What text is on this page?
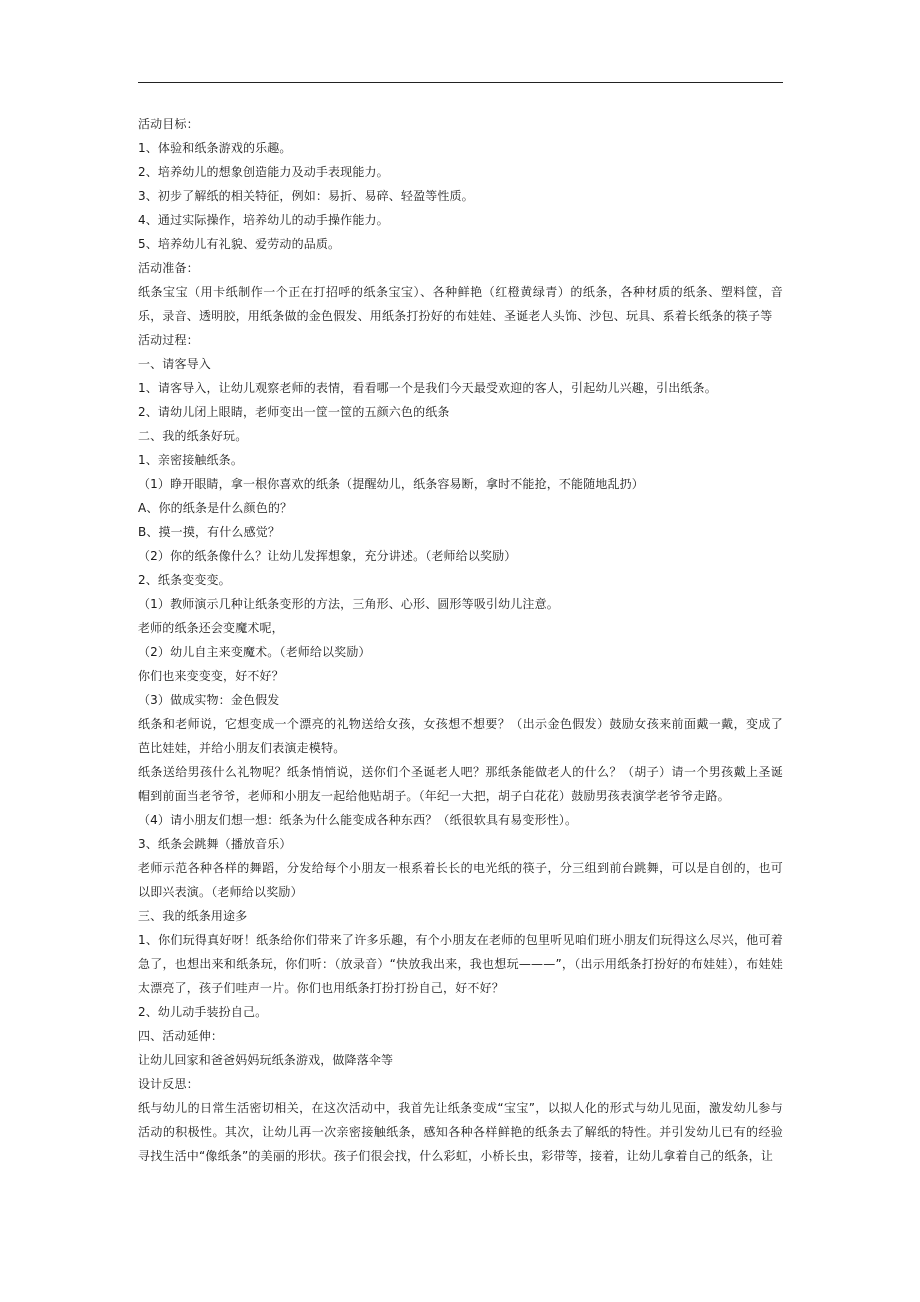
活动目标：
1、体验和纸条游戏的乐趣。
2、培养幼儿的想象创造能力及动手表现能力。
3、初步了解纸的相关特征，例如：易折、易碎、轻盈等性质。
4、通过实际操作，培养幼儿的动手操作能力。
5、培养幼儿有礼貌、爱劳动的品质。
活动准备：
纸条宝宝（用卡纸制作一个正在打招呼的纸条宝宝）、各种鲜艳（红橙黄绿青）的纸条，各种材质的纸条、塑料筐，音乐，录音、透明胶，用纸条做的金色假发、用纸条打扮好的布娃娃、圣诞老人头饰、沙包、玩具、系着长纸条的筷子等
活动过程：
一、请客导入
1、请客导入，让幼儿观察老师的表情，看看哪一个是我们今天最受欢迎的客人，引起幼儿兴趣，引出纸条。
2、请幼儿闭上眼睛，老师变出一筐一筐的五颜六色的纸条
二、我的纸条好玩。
1、亲密接触纸条。
（1）睁开眼睛，拿一根你喜欢的纸条（提醒幼儿，纸条容易断，拿时不能抢，不能随地乱扔）
A、你的纸条是什么颜色的？
B、摸一摸，有什么感觉？
（2）你的纸条像什么？让幼儿发挥想象，充分讲述。（老师给以奖励）
2、纸条变变变。
（1）教师演示几种让纸条变形的方法，三角形、心形、圆形等吸引幼儿注意。
老师的纸条还会变魔术呢，
（2）幼儿自主来变魔术。（老师给以奖励）
你们也来变变变，好不好？
（3）做成实物：金色假发
纸条和老师说，它想变成一个漂亮的礼物送给女孩，女孩想不想要？（出示金色假发）鼓励女孩来前面戴一戴，变成了芭比娃娃，并给小朋友们表演走模特。
纸条送给男孩什么礼物呢？纸条悄悄说，送你们个圣诞老人吧？那纸条能做老人的什么？（胡子）请一个男孩戴上圣诞帽到前面当老爷爷，老师和小朋友一起给他贴胡子。（年纪一大把，胡子白花花）鼓励男孩表演学老爷爷走路。
（4）请小朋友们想一想：纸条为什么能变成各种东西？（纸很软具有易变形性）。
3、纸条会跳舞（播放音乐）
老师示范各种各样的舞蹈，分发给每个小朋友一根系着长长的电光纸的筷子，分三组到前台跳舞，可以是自创的，也可以即兴表演。（老师给以奖励）
三、我的纸条用途多
1、你们玩得真好呀！纸条给你们带来了许多乐趣，有个小朋友在老师的包里听见咱们班小朋友们玩得这么尽兴，他可着急了，也想出来和纸条玩，你们听：（放录音）“快放我出来，我也想玩———”，（出示用纸条打扮好的布娃娃），布娃娃太漂亮了，孩子们哇声一片。你们也用纸条打扮打扮自己，好不好？
2、幼儿动手装扮自己。
四、活动延伸：
让幼儿回家和爸爸妈妈玩纸条游戏，做降落伞等
设计反思：
纸与幼儿的日常生活密切相关，在这次活动中，我首先让纸条变成“宝宝”，以拟人化的形式与幼儿见面，激发幼儿参与活动的积极性。其次，让幼儿再一次亲密接触纸条，感知各种各样鲜艳的纸条去了解纸的特性。并引发幼儿已有的经验寻找生活中“像纸条”的美丽的形状。孩子们很会找，什么彩虹，小桥长虫，彩带等，接着，让幼儿拿着自己的纸条，让
